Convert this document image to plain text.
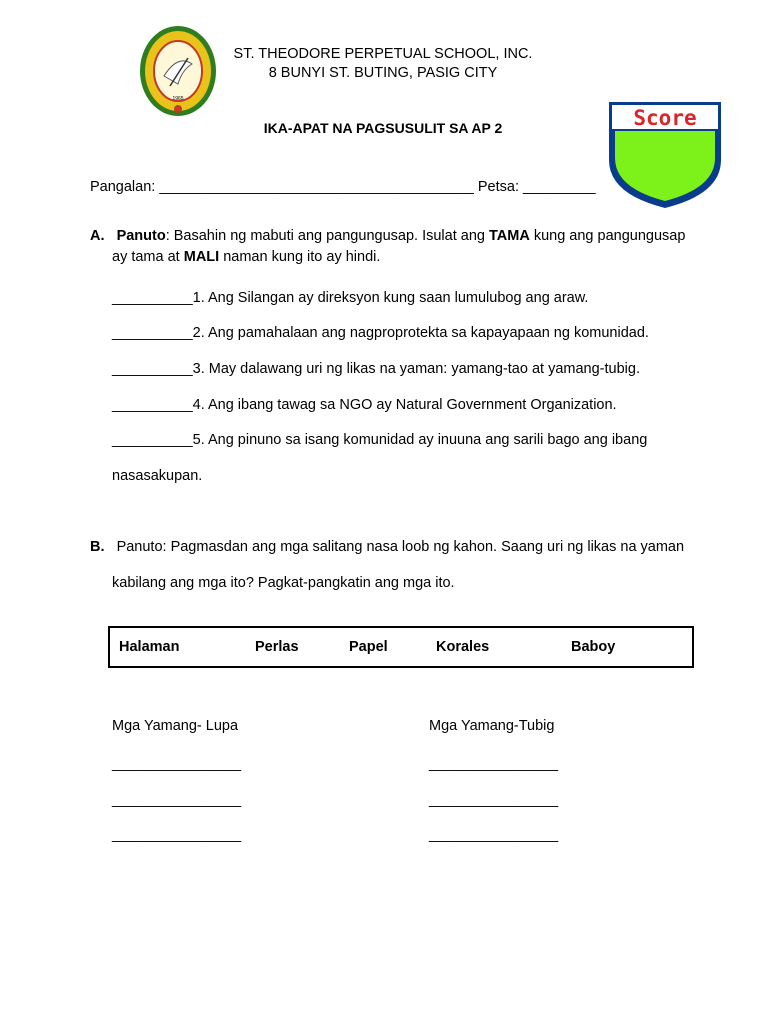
1965
Score
ST. THEODORE PERPETUAL SCHOOL, INC.
8 BUNYI ST. BUTING, PASIG CITY
IKA-APAT NA PAGSUSULIT SA AP 2
Pangalan: _______________________________________ Petsa: _________
A. Panuto: Basahin ng mabuti ang pangungusap. Isulat ang TAMA kung ang pangungusap
ay tama at MALI naman kung ito ay hindi.
__________1. Ang Silangan ay direksyon kung saan lumulubog ang araw.
__________2. Ang pamahalaan ang nagproprotekta sa kapayapaan ng komunidad.
__________3. May dalawang uri ng likas na yaman: yamang-tao at yamang-tubig.
__________4. Ang ibang tawag sa NGO ay Natural Government Organization.
__________5. Ang pinuno sa isang komunidad ay inuuna ang sarili bago ang ibang
nasasakupan.
B. Panuto: Pagmasdan ang mga salitang nasa loob ng kahon. Saang uri ng likas na yaman
kabilang ang mga ito? Pagkat-pangkatin ang mga ito.
Halaman	Perlas	Papel	Korales	Baboy
Mga Yamang- Lupa	Mga Yamang-Tubig
________________
________________
________________
________________
________________
________________
